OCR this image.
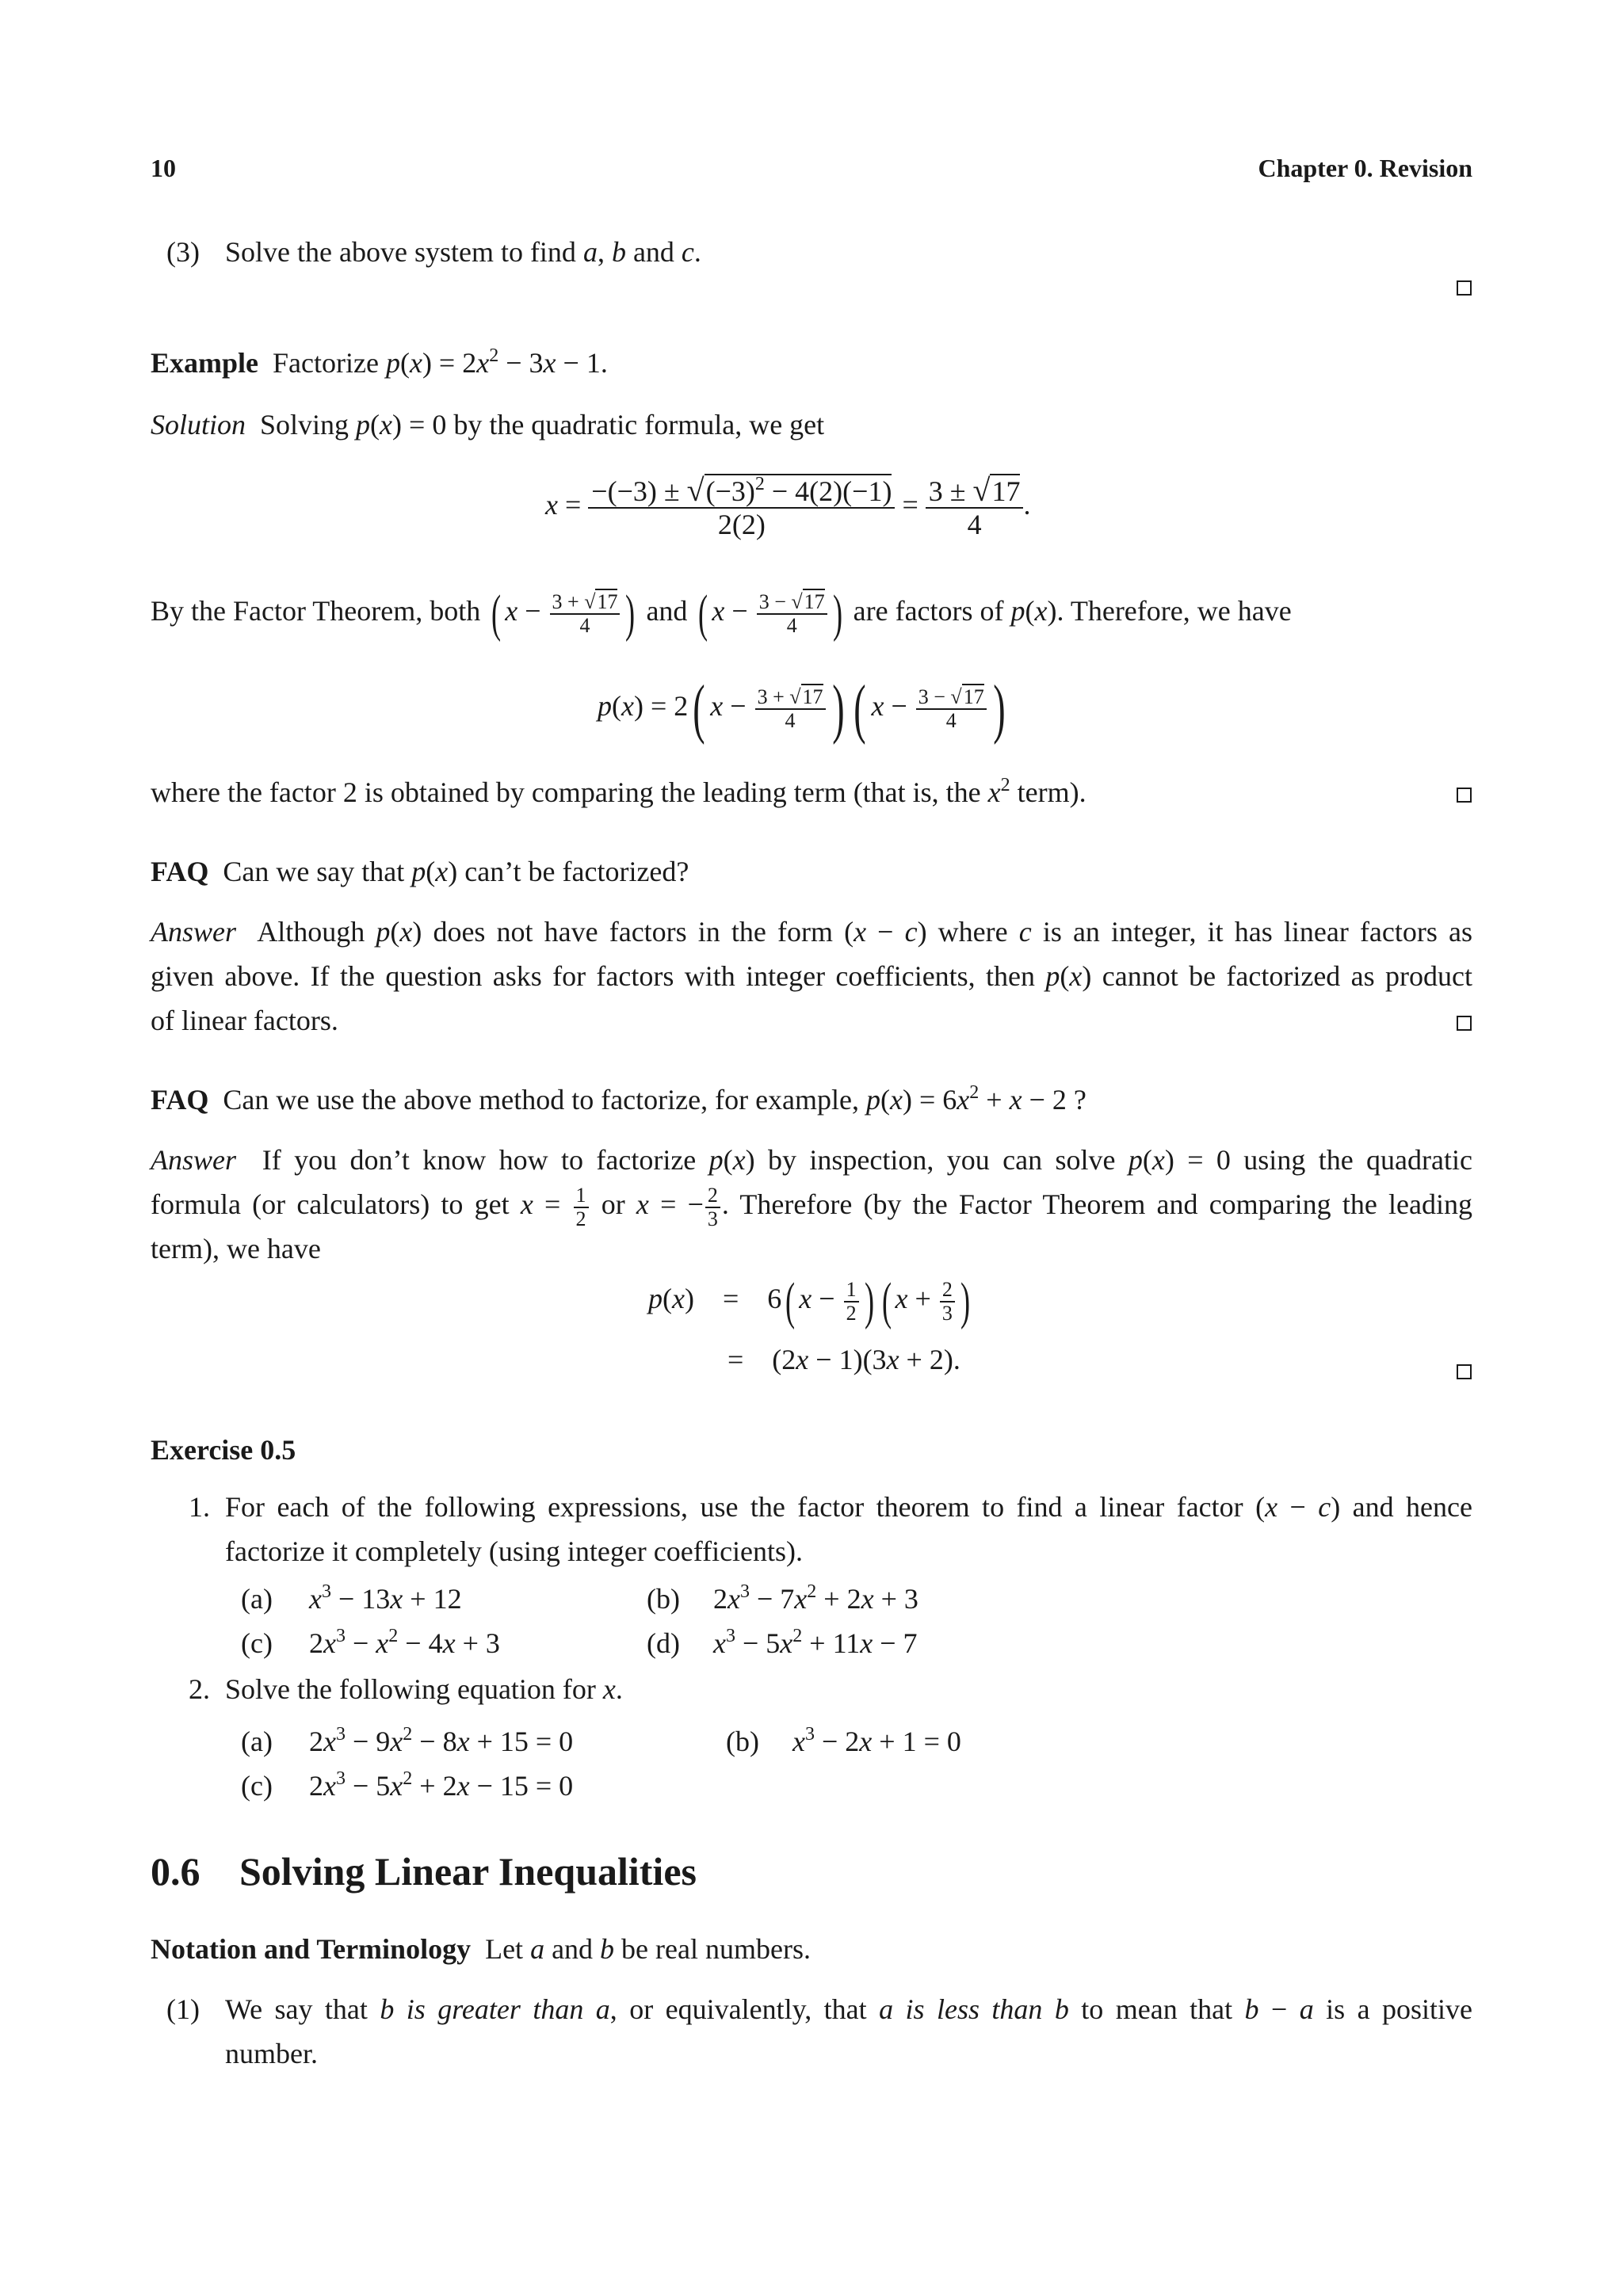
10	Chapter 0. Revision
(3) Solve the above system to find a, b and c.
Example  Factorize $p(x) = 2x^2 - 3x - 1$.
Solution  Solving p(x) = 0 by the quadratic formula, we get
$x = \frac{-(-3) \pm √(-3)^2 - 4(2)(-1)}{2(2)} = \frac{3 \pm √17}{4}$ .
By the Factor Theorem, both ( $x - \frac{3 + √17}{4}$ ) and ( $x - \frac{3 - √17}{4}$ ) are factors of p(x). Therefore, we have
p(x) = 2( $x - \frac{3 + √17}{4}$ ) ( $x - \frac{3 - √17}{4}$ )
where the factor 2 is obtained by comparing the leading term (that is, the $x^2$ term).
FAQ  Can we say that p(x) can’t be factorized?
Answer  Although p(x) does not have factors in the form (x − c) where c is an integer, it has linear factors as
given above. If the question asks for factors with integer coefficients, then p(x) cannot be factorized as product
of linear factors.
FAQ  Can we use the above method to factorize, for example, $p(x) = 6x^2 + x - 2$ ?
Answer  If you don’t know how to factorize p(x) by inspection, you can solve p(x) = 0 using the quadratic
formula (or calculators) to get $x = \frac{1}{2}$ or x = − $\frac{2}{3}$ . Therefore (by the Factor Theorem and comparing the leading
term), we have
p(x)    =    6( $x - \frac{1}{2}$ ) ( $x + \frac{2}{3}$ )
=    (2x − 1)(3x + 2).
Exercise 0.5
1. For each of the following expressions, use the factor theorem to find a linear factor (x − c) and hence
factorize it completely (using integer coefficients).
(a) $x^3 - 13x + 12$	(b) $2x^3 - 7x^2 + 2x + 3$
(c) $2x^3 - x^2 - 4x + 3$	(d) $x^3 - 5x^2 + 11x - 7$
2. Solve the following equation for x.
(a) $2x^3 - 9x^2 - 8x + 15 = 0$	(b) $x^3 - 2x + 1 = 0$
(c) $2x^3 - 5x^2 + 2x - 15 = 0$
0.6 Solving Linear Inequalities
Notation and Terminology  Let a and b be real numbers.
(1) We say that b is greater than a, or equivalently, that a is less than b to mean that b − a is a positive
number.
